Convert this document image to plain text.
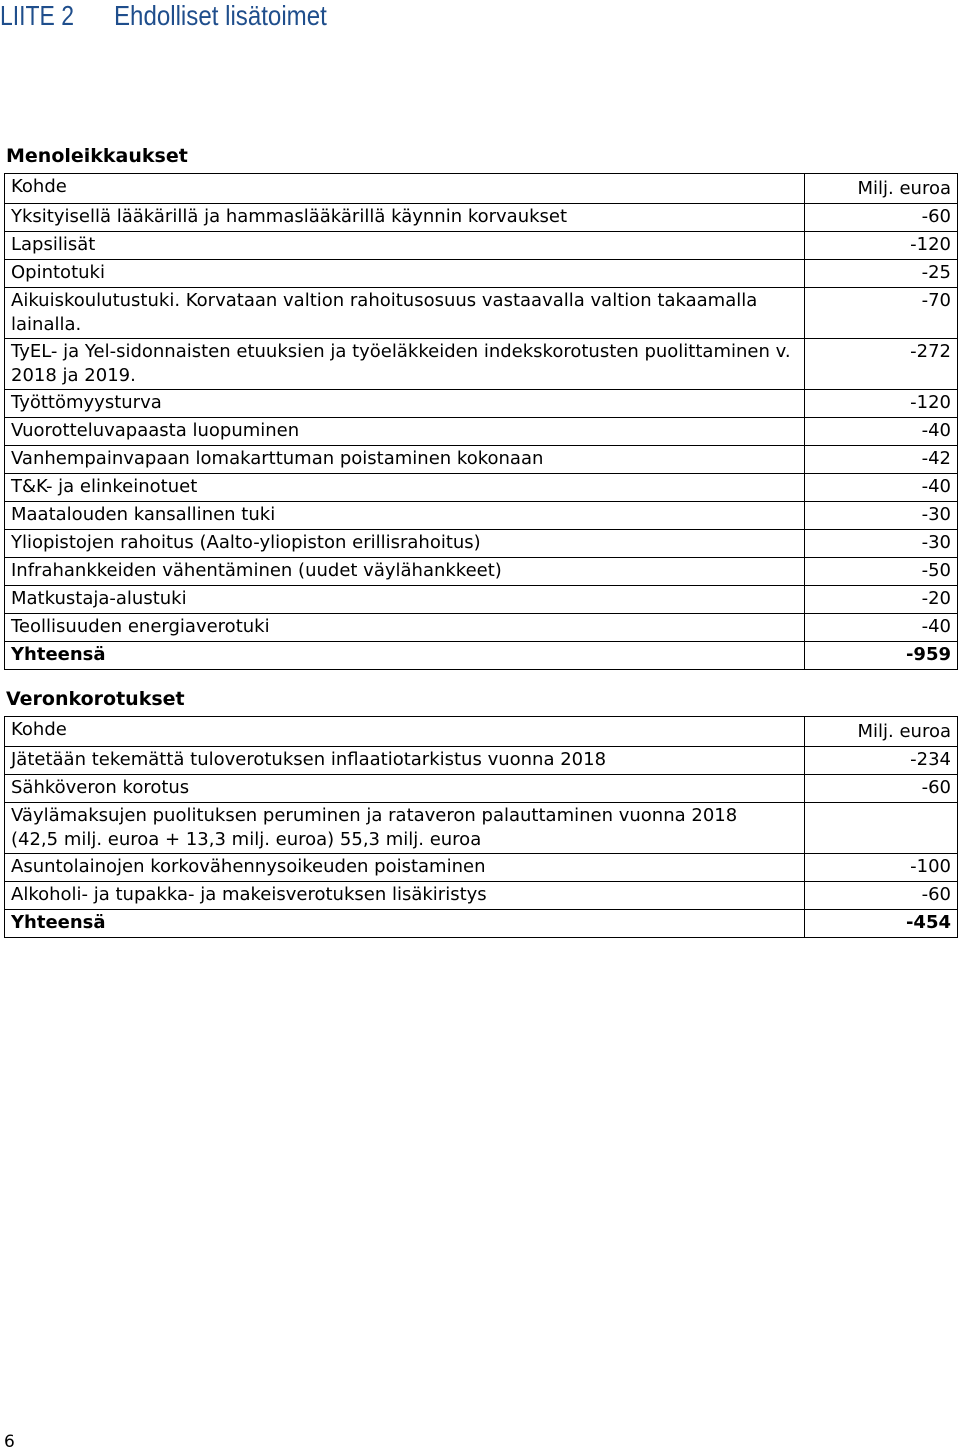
LIITE 2	Ehdolliset lisätoimet
Menoleikkaukset
Kohde	Milj. euroa
Yksityisellä lääkärillä ja hammaslääkärillä käynnin korvaukset	-60
Lapsilisät	-120
Opintotuki	-25
Aikuiskoulutustuki. Korvataan valtion rahoitusosuus vastaavalla valtion takaamalla lainalla.	-70
TyEL- ja Yel-sidonnaisten etuuksien ja työeläkkeiden indekskorotusten puolittaminen v. 2018 ja 2019.	-272
Työttömyysturva	-120
Vuorotteluvapaasta luopuminen	-40
Vanhempainvapaan lomakarttuman poistaminen kokonaan	-42
T&K- ja elinkeinotuet	-40
Maatalouden kansallinen tuki	-30
Yliopistojen rahoitus (Aalto-yliopiston erillisrahoitus)	-30
Infrahankkeiden vähentäminen (uudet väylähankkeet)	-50
Matkustaja-alustuki	-20
Teollisuuden energiaverotuki	-40
Yhteensä	-959
Veronkorotukset
Kohde	Milj. euroa
Jätetään tekemättä tuloverotuksen inflaatiotarkistus vuonna 2018	-234
Sähköveron korotus	-60
Väylämaksujen puolituksen peruminen ja rataveron palauttaminen vuonna 2018 (42,5 milj. euroa + 13,3 milj. euroa) 55,3 milj. euroa	
Asuntolainojen korkovähennysoikeuden poistaminen	-100
Alkoholi- ja tupakka- ja makeisverotuksen lisäkiristys	-60
Yhteensä	-454
6
